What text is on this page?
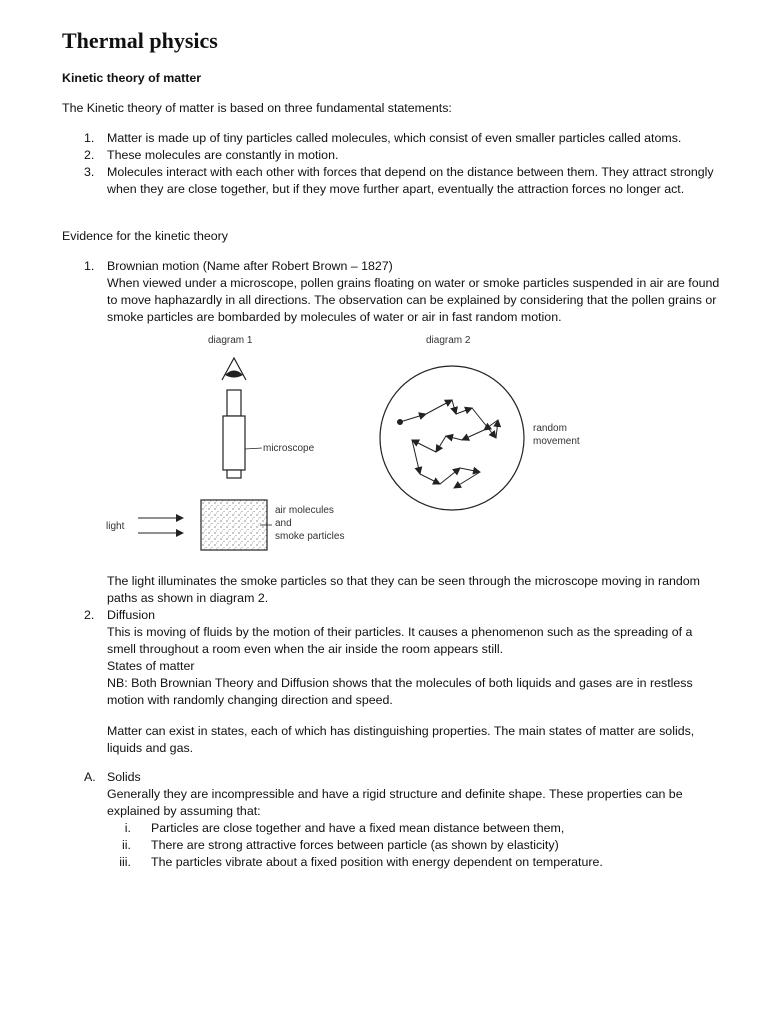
Thermal physics
Kinetic theory of matter
The Kinetic theory of matter is based on three fundamental statements:
1. Matter is made up of tiny particles called molecules, which consist of even smaller particles called atoms.
2. These molecules are constantly in motion.
3. Molecules interact with each other with forces that depend on the distance between them. They attract strongly when they are close together, but if they move further apart, eventually the attraction forces no longer act.
Evidence for the kinetic theory
1. Brownian motion (Name after Robert Brown – 1827)
When viewed under a microscope, pollen grains floating on water or smoke particles suspended in air are found to move haphazardly in all directions. The observation can be explained by considering that the pollen grains or smoke particles are bombarded by molecules of water or air in fast random motion.
diagram 1	diagram 2
microscope
air molecules
and
smoke particles
light
random
movement
The light illuminates the smoke particles so that they can be seen through the microscope moving in random paths as shown in diagram 2.
2. Diffusion
This is moving of fluids by the motion of their particles. It causes a phenomenon such as the spreading of a smell throughout a room even when the air inside the room appears still.
States of matter
NB: Both Brownian Theory and Diffusion shows that the molecules of both liquids and gases are in restless motion with randomly changing direction and speed.
Matter can exist in states, each of which has distinguishing properties. The main states of matter are solids, liquids and gas.
A. Solids
Generally they are incompressible and have a rigid structure and definite shape. These properties can be explained by assuming that:
i. Particles are close together and have a fixed mean distance between them,
ii. There are strong attractive forces between particle (as shown by elasticity)
iii. The particles vibrate about a fixed position with energy dependent on temperature.
